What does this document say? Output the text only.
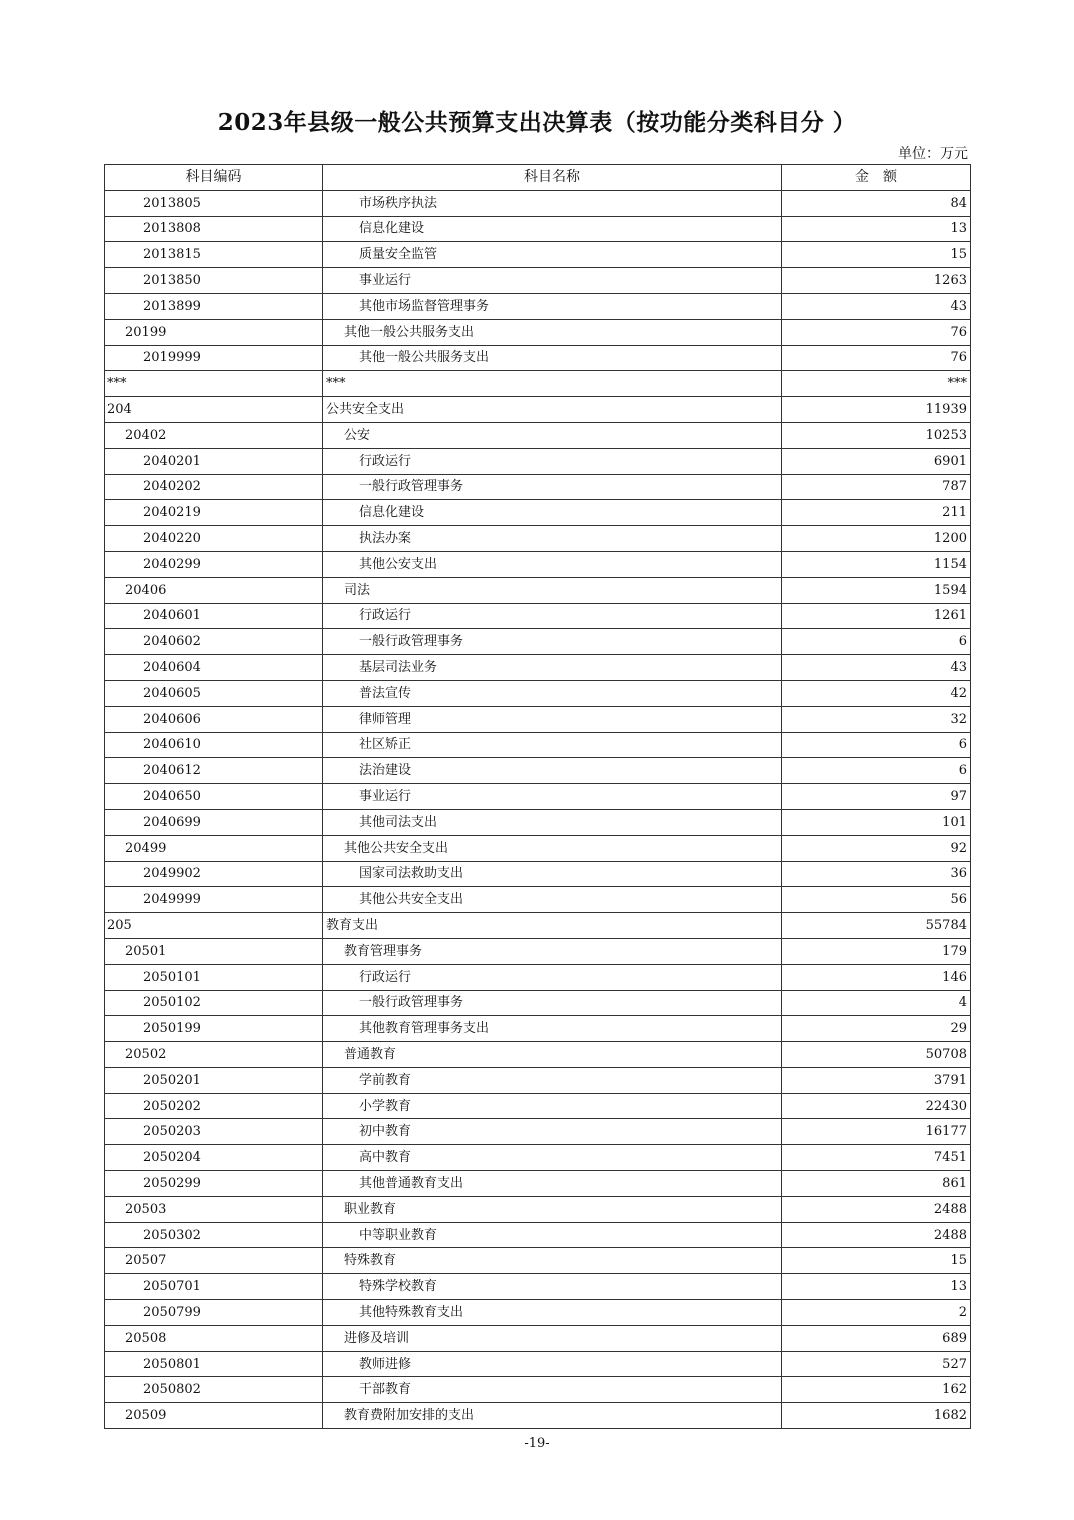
2023年县级一般公共预算支出决算表（按功能分类科目分 ）
单位：万元
科目编码	科目名称	金　额
2013805	市场秩序执法	84
2013808	信息化建设	13
2013815	质量安全监管	15
2013850	事业运行	1263
2013899	其他市场监督管理事务	43
20199	其他一般公共服务支出	76
2019999	其他一般公共服务支出	76
***	***	***
204	公共安全支出	11939
20402	公安	10253
2040201	行政运行	6901
2040202	一般行政管理事务	787
2040219	信息化建设	211
2040220	执法办案	1200
2040299	其他公安支出	1154
20406	司法	1594
2040601	行政运行	1261
2040602	一般行政管理事务	6
2040604	基层司法业务	43
2040605	普法宣传	42
2040606	律师管理	32
2040610	社区矫正	6
2040612	法治建设	6
2040650	事业运行	97
2040699	其他司法支出	101
20499	其他公共安全支出	92
2049902	国家司法救助支出	36
2049999	其他公共安全支出	56
205	教育支出	55784
20501	教育管理事务	179
2050101	行政运行	146
2050102	一般行政管理事务	4
2050199	其他教育管理事务支出	29
20502	普通教育	50708
2050201	学前教育	3791
2050202	小学教育	22430
2050203	初中教育	16177
2050204	高中教育	7451
2050299	其他普通教育支出	861
20503	职业教育	2488
2050302	中等职业教育	2488
20507	特殊教育	15
2050701	特殊学校教育	13
2050799	其他特殊教育支出	2
20508	进修及培训	689
2050801	教师进修	527
2050802	干部教育	162
20509	教育费附加安排的支出	1682
-19-
